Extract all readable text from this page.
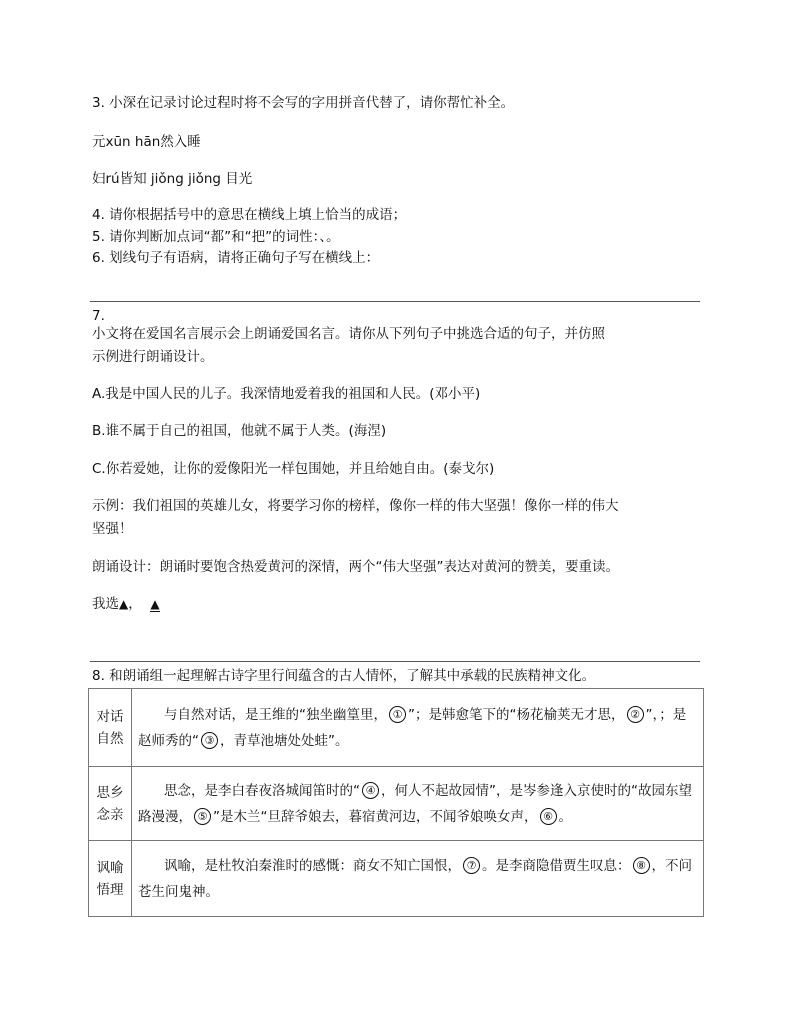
3. 小深在记录讨论过程时将不会写的字用拼音代替了，请你帮忙补全。
元xūn hān然入睡
妇rú皆知 jiǒng jiǒng 目光
4. 请你根据括号中的意思在横线上填上恰当的成语；
5. 请你判断加点词“都”和“把”的词性：、。
6. 划线句子有语病，请将正确句子写在横线上：
7.
小文将在爱国名言展示会上朗诵爱国名言。请你从下列句子中挑选合适的句子，并仿照
示例进行朗诵设计。
A.我是中国人民的儿子。我深情地爱着我的祖国和人民。(邓小平)
B.谁不属于自己的祖国，他就不属于人类。(海涅)
C.你若爱她，让你的爱像阳光一样包围她，并且给她自由。(泰戈尔)
示例：我们祖国的英雄儿女，将要学习你的榜样，像你一样的伟大坚强！像你一样的伟大
坚强！
朗诵设计：朗诵时要饱含热爱黄河的深情，两个“伟大坚强”表达对黄河的赞美，要重读。
我选▲， ▲
8. 和朗诵组一起理解古诗字里行间蕴含的古人情怀，了解其中承载的民族精神文化。
对话自然	与自然对话，是王维的“独坐幽篁里， ① ”；是韩愈笔下的“杨花榆荚无才思， ② ”，；是赵师秀的“ ③ ，青草池塘处处蛙”。
思乡念亲	思念，是李白春夜洛城闻笛时的“ ④ ，何人不起故园情”，是岑参逢入京使时的“故园东望路漫漫， ⑤ ”是木兰“旦辞爷娘去，暮宿黄河边，不闻爷娘唤女声， ⑥ 。
讽喻悟理	讽喻，是杜牧泊秦淮时的感慨：商女不知亡国恨， ⑦ 。是李商隐借贾生叹息： ⑧ ，不问苍生问鬼神。
